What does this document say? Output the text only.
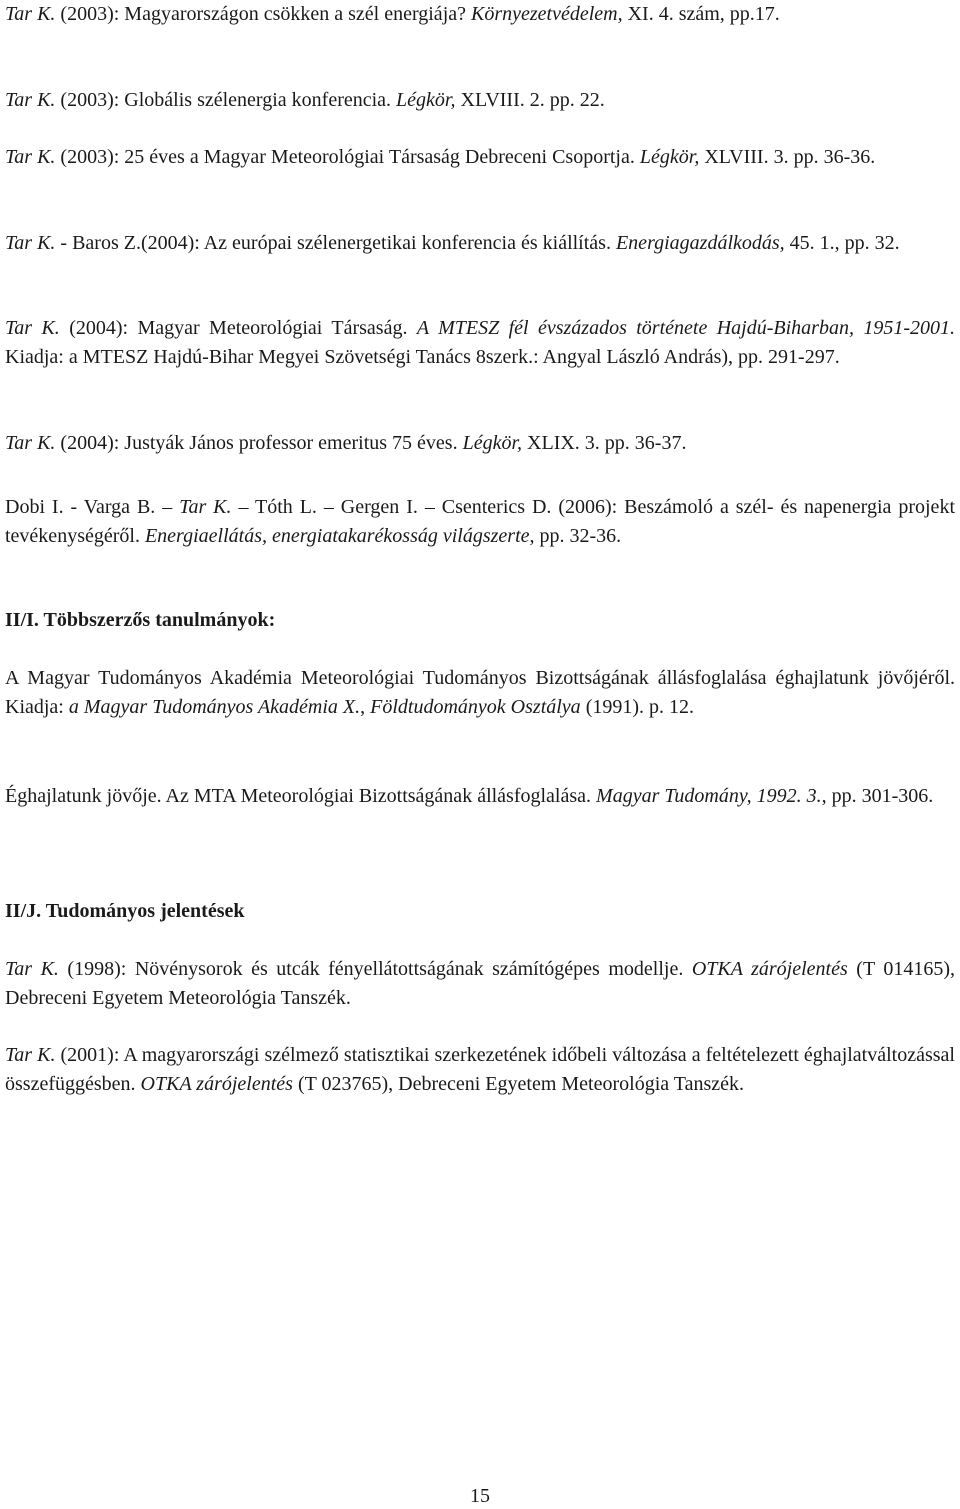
Tar K. (2003): Magyarországon csökken a szél energiája? Környezetvédelem, XI. 4. szám, pp.17.

Tar K. (2003): Globális szélenergia konferencia. Légkör, XLVIII. 2. pp. 22.

Tar K. (2003): 25 éves a Magyar Meteorológiai Társaság Debreceni Csoportja. Légkör, XLVIII. 3. pp. 36-36.

Tar K. - Baros Z.(2004): Az európai szélenergetikai konferencia és kiállítás. Energiagazdálkodás, 45. 1., pp. 32.

Tar K. (2004): Magyar Meteorológiai Társaság. A MTESZ fél évszázados története Hajdú-Biharban, 1951-2001. Kiadja: a MTESZ Hajdú-Bihar Megyei Szövetségi Tanács 8szerk.: Angyal László András), pp. 291-297.

Tar K. (2004): Justyák János professor emeritus 75 éves. Légkör, XLIX. 3. pp. 36-37.

Dobi I. - Varga B. – Tar K. – Tóth L. – Gergen I. – Csenterics D. (2006): Beszámoló a szél- és napenergia projekt tevékenységéről. Energiaellátás, energiatakarékosság világszerte, pp. 32-36.

II/I. Többszerzős tanulmányok:

A Magyar Tudományos Akadémia Meteorológiai Tudományos Bizottságának állásfoglalása éghajlatunk jövőjéről. Kiadja: a Magyar Tudományos Akadémia X., Földtudományok Osztálya (1991). p. 12.

Éghajlatunk jövője. Az MTA Meteorológiai Bizottságának állásfoglalása. Magyar Tudomány, 1992. 3., pp. 301-306.

II/J. Tudományos jelentések

Tar K. (1998): Növénysorok és utcák fényellátottságának számítógépes modellje. OTKA zárójelentés (T 014165), Debreceni Egyetem Meteorológia Tanszék.

Tar K. (2001): A magyarországi szélmező statisztikai szerkezetének időbeli változása a feltételezett éghajlatváltozással összefüggésben. OTKA zárójelentés (T 023765), Debreceni Egyetem Meteorológia Tanszék.

15
